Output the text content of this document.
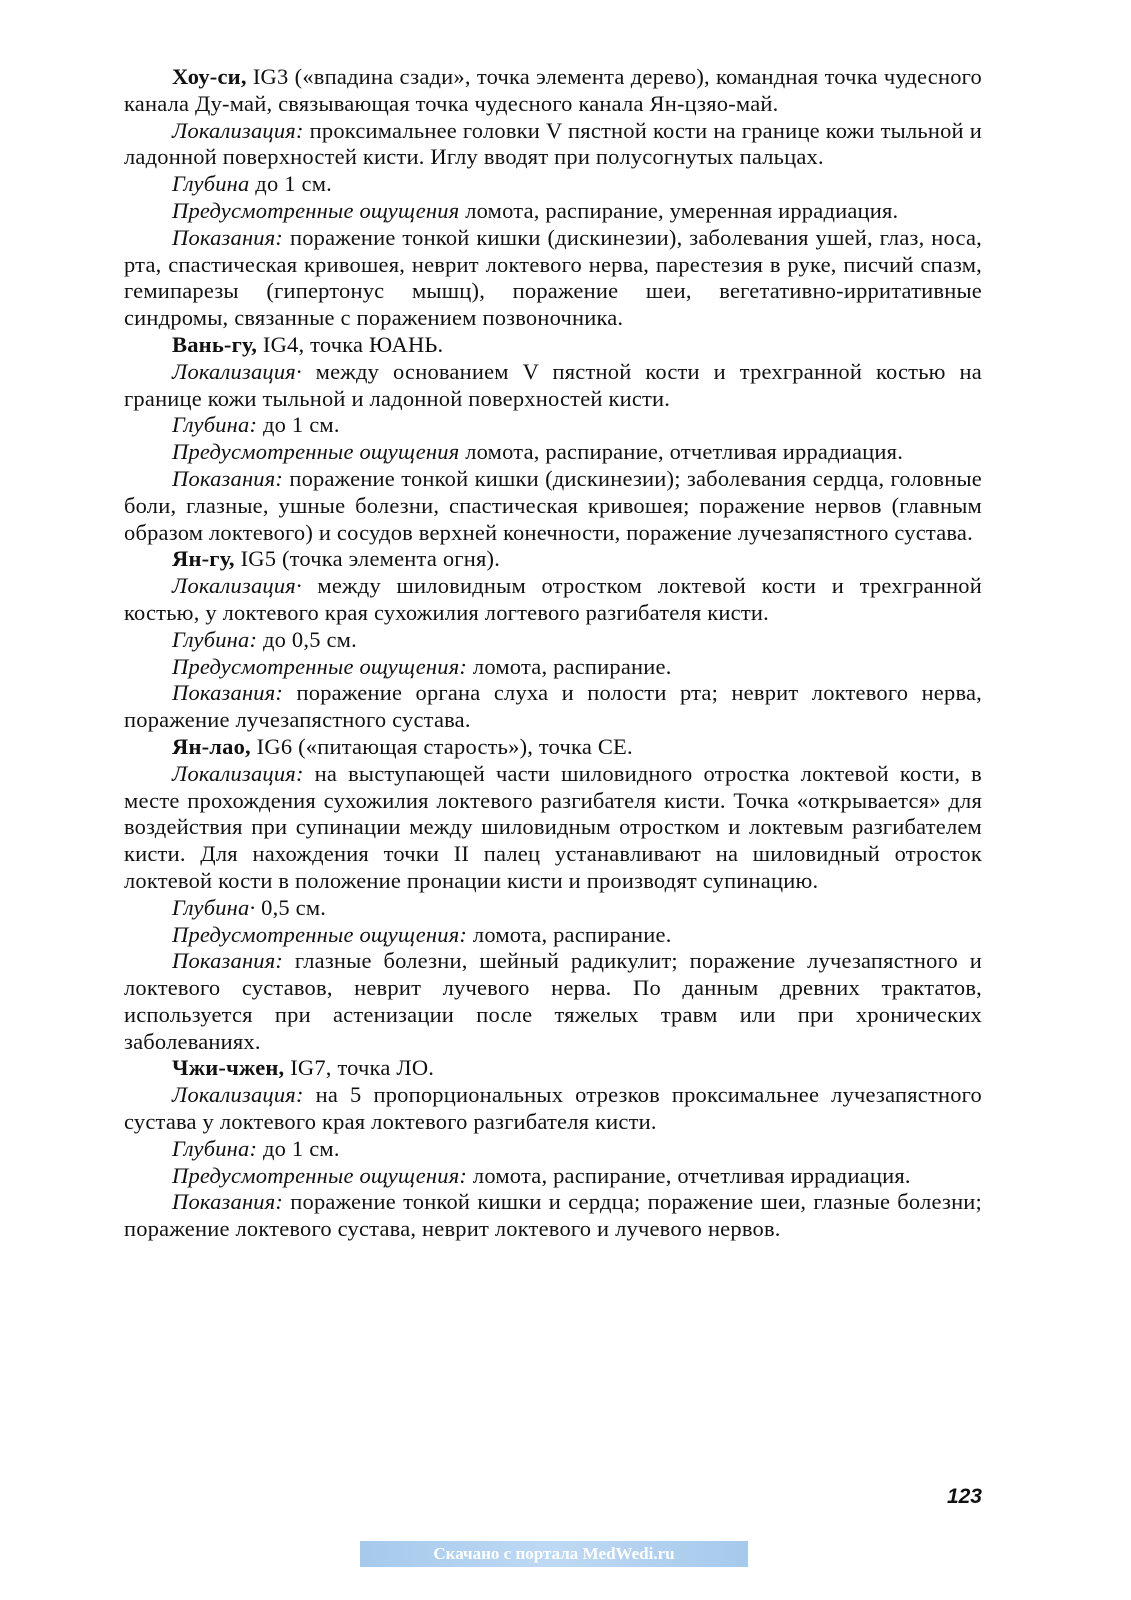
Хоу-си, IG3 («впадина сзади», точка элемента дерево), командная точка чудесного канала Ду-май, связывающая точка чудесного канала Ян-цзяо-май.

Локализация: проксимальнее головки V пястной кости на границе кожи тыльной и ладонной поверхностей кисти. Иглу вводят при полусогнутых пальцах.

Глубина до 1 см.

Предусмотренные ощущения ломота, распирание, умеренная иррадиация.

Показания: поражение тонкой кишки (дискинезии), заболевания ушей, глаз, носа, рта, спастическая кривошея, неврит локтевого нерва, парестезия в руке, писчий спазм, гемипарезы (гипертонус мышц), поражение шеи, вегетативно-ирритативные синдромы, связанные с поражением позвоночника.

Вань-гу, IG4, точка ЮАНЬ.

Локализация· между основанием V пястной кости и трехгранной костью на границе кожи тыльной и ладонной поверхностей кисти.

Глубина: до 1 см.

Предусмотренные ощущения ломота, распирание, отчетливая иррадиация.

Показания: поражение тонкой кишки (дискинезии); заболевания сердца, головные боли, глазные, ушные болезни, спастическая кривошея; поражение нервов (главным образом локтевого) и сосудов верхней конечности, поражение лучезапястного сустава.

Ян-гу, IG5 (точка элемента огня).

Локализация· между шиловидным отростком локтевой кости и трехгранной костью, у локтевого края сухожилия логтевого разгибателя кисти.

Глубина: до 0,5 см.

Предусмотренные ощущения: ломота, распирание.

Показания: поражение органа слуха и полости рта; неврит локтевого нерва, поражение лучезапястного сустава.

Ян-лао, IG6 («питающая старость»), точка СЕ.

Локализация: на выступающей части шиловидного отростка локтевой кости, в месте прохождения сухожилия локтевого разгибателя кисти. Точка «открывается» для воздействия при супинации между шиловидным отростком и локтевым разгибателем кисти. Для нахождения точки II палец устанавливают на шиловидный отросток локтевой кости в положение пронации кисти и производят супинацию.

Глубина· 0,5 см.

Предусмотренные ощущения: ломота, распирание.

Показания: глазные болезни, шейный радикулит; поражение лучезапястного и локтевого суставов, неврит лучевого нерва. По данным древних трактатов, используется при астенизации после тяжелых травм или при хронических заболеваниях.

Чжи-чжен, IG7, точка ЛО.

Локализация: на 5 пропорциональных отрезков проксимальнее лучезапястного сустава у локтевого края локтевого разгибателя кисти.

Глубина: до 1 см.

Предусмотренные ощущения: ломота, распирание, отчетливая иррадиация.

Показания: поражение тонкой кишки и сердца; поражение шеи, глазные болезни; поражение локтевого сустава, неврит локтевого и лучевого нервов.

123
Скачано с портала MedWedi.ru
